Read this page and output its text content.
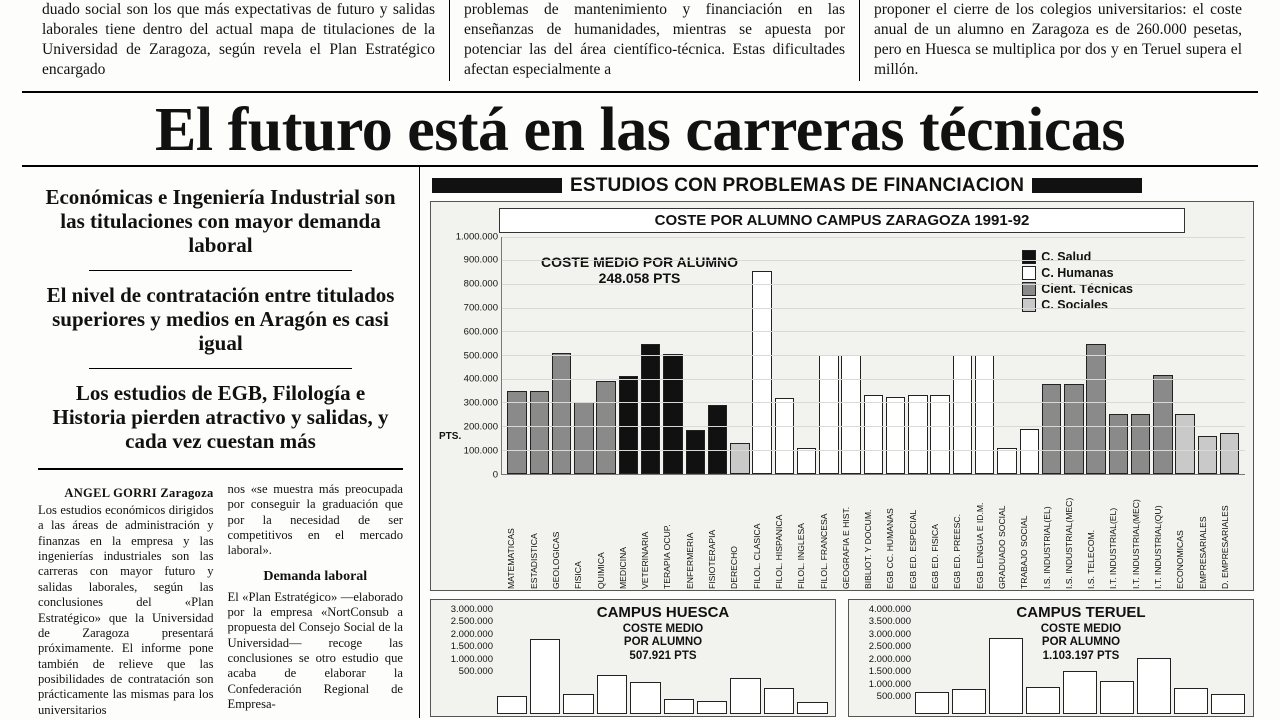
duado social son los que más expectativas de futuro y salidas laborales tiene dentro del actual mapa de titulaciones de la Universidad de Zaragoza, según revela el Plan Estratégico encargado
problemas de mantenimiento y financiación en las enseñanzas de humanidades, mientras se apuesta por potenciar las del área científico-técnica. Estas dificultades afectan especialmente a
proponer el cierre de los colegios universitarios: el coste anual de un alumno en Zaragoza es de 260.000 pesetas, pero en Huesca se multiplica por dos y en Teruel supera el millón.
El futuro está en las carreras técnicas

Económicas e Ingeniería Industrial son las titulaciones con mayor demanda laboral

El nivel de contratación entre titulados superiores y medios en Aragón es casi igual

Los estudios de EGB, Filología e Historia pierden atractivo y salidas, y cada vez cuestan más

ANGEL GORRI Zaragoza
Los estudios económicos dirigidos a las áreas de administración y finanzas en la empresa y las ingenierías industriales son las carreras con mayor futuro y salidas laborales, según las conclusiones del «Plan Estratégico» que la Universidad de Zaragoza presentará próximamente. El informe pone también de relieve que las posibilidades de contratación son prácticamente las mismas para los universitarios
nos «se muestra más preocupada por conseguir la graduación que por la necesidad de ser competitivos en el mercado laboral».
Demanda laboral
El «Plan Estratégico» —elaborado por la empresa «NortConsub a propuesta del Consejo Social de la Universidad— recoge las conclusiones se otro estudio que acaba de elaborar la Confederación Regional de Empresa-
ESTUDIOS CON PROBLEMAS DE FINANCIACION
COSTE POR ALUMNO CAMPUS ZARAGOZA 1991-92
COSTE MEDIO POR ALUMNO
248.058 PTS
C. Salud
C. Humanas
Cient. Técnicas
C. Sociales
1.000.000
900.000
800.000
700.000
600.000
500.000
400.000
300.000
200.000
100.000
0
MATEMATICAS	ESTADISTICA	GEOLOGICAS	FISICA	QUIMICA	MEDICINA	VETERINARIA	TERAPIA OCUP.	ENFERMERIA	FISIOTERAPIA	DERECHO	FILOL. CLASICA	FILOL. HISPANICA	FILOL. INGLESA	FILOL. FRANCESA	GEOGRAFIA E HIST.	BIBLIOT. Y DOCUM.	EGB CC. HUMANAS	EGB ED. ESPECIAL	EGB ED. FISICA	EGB ED. PREESC.	EGB LENGUA E ID.M.	GRADUADO SOCIAL	TRABAJO SOCIAL	I.S. INDUSTRIAL(EL)	I.S. INDUSTRIAL(MEC)	I.S. TELECOM.	I.T. INDUSTRIAL(EL)	I.T. INDUSTRIAL(MEC)	I.T. INDUSTRIAL(QU)	ECONOMICAS	EMPRESARIALES	D. EMPRESARIALES
PTS.
CAMPUS HUESCA
COSTE MEDIO
POR ALUMNO
507.921 PTS
3.000.000
2.500.000
2.000.000
1.500.000
1.000.000
500.000
CAMPUS TERUEL
COSTE MEDIO
POR ALUMNO
1.103.197 PTS
4.000.000
3.500.000
3.000.000
2.500.000
2.000.000
1.500.000
1.000.000
500.000
